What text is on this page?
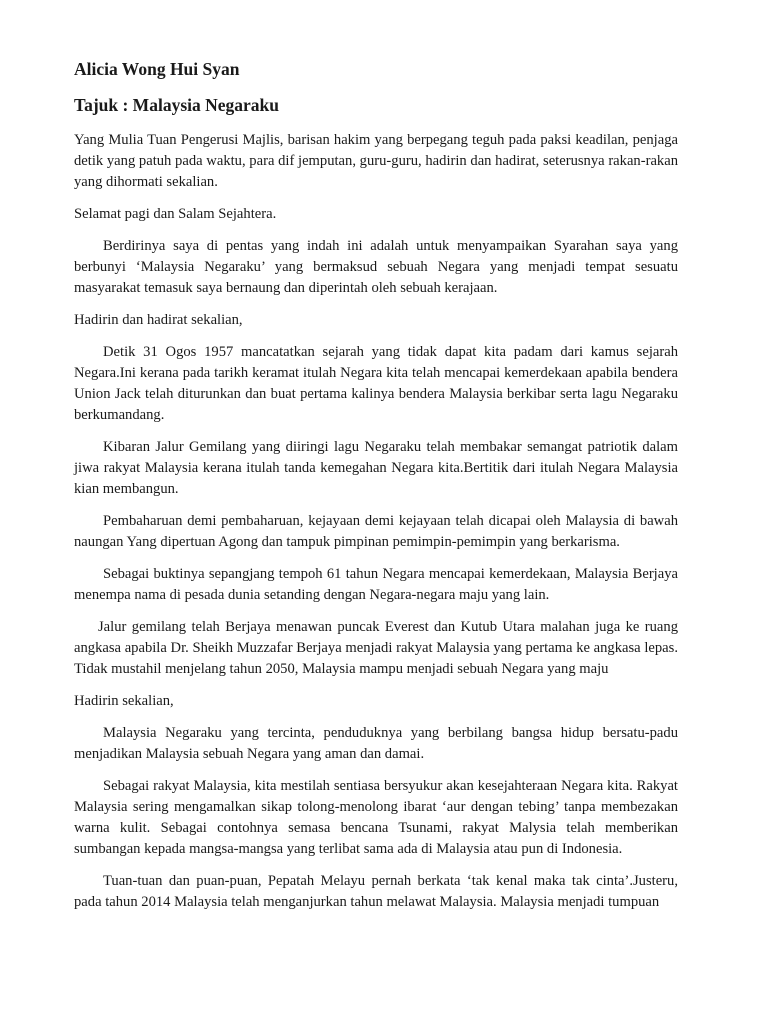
Alicia Wong Hui Syan
Tajuk : Malaysia Negaraku

Yang Mulia Tuan Pengerusi Majlis, barisan hakim yang berpegang teguh pada paksi keadilan, penjaga detik yang patuh pada waktu, para dif jemputan, guru-guru, hadirin dan hadirat, seterusnya rakan-rakan yang dihormati sekalian.

Selamat pagi dan Salam Sejahtera.

Berdirinya saya di pentas yang indah ini adalah untuk menyampaikan Syarahan saya yang berbunyi ‘Malaysia Negaraku’ yang bermaksud sebuah Negara yang menjadi tempat sesuatu masyarakat temasuk saya bernaung dan diperintah oleh sebuah kerajaan.

Hadirin dan hadirat sekalian,

Detik 31 Ogos 1957 mancatatkan sejarah yang tidak dapat kita padam dari kamus sejarah Negara.Ini kerana pada tarikh keramat itulah Negara kita telah mencapai kemerdekaan apabila bendera Union Jack telah diturunkan dan buat pertama kalinya bendera Malaysia berkibar serta lagu Negaraku berkumandang.

Kibaran Jalur Gemilang yang diiringi lagu Negaraku telah membakar semangat patriotik dalam jiwa rakyat Malaysia kerana itulah tanda kemegahan Negara kita.Bertitik dari itulah Negara Malaysia kian membangun.

Pembaharuan demi pembaharuan, kejayaan demi kejayaan telah dicapai oleh Malaysia di bawah naungan Yang dipertuan Agong dan tampuk pimpinan pemimpin-pemimpin yang berkarisma.

Sebagai buktinya sepangjang tempoh 61 tahun Negara mencapai kemerdekaan, Malaysia Berjaya menempa nama di pesada dunia setanding dengan Negara-negara maju yang lain.

Jalur gemilang telah Berjaya menawan puncak Everest dan Kutub Utara malahan juga ke ruang angkasa apabila Dr. Sheikh Muzzafar Berjaya menjadi rakyat Malaysia yang pertama ke angkasa lepas. Tidak mustahil menjelang tahun 2050, Malaysia mampu menjadi sebuah Negara yang maju

Hadirin sekalian,

Malaysia Negaraku yang tercinta, penduduknya yang berbilang bangsa hidup bersatu-padu menjadikan Malaysia sebuah Negara yang aman dan damai.

Sebagai rakyat Malaysia, kita mestilah sentiasa bersyukur akan kesejahteraan Negara kita. Rakyat Malaysia sering mengamalkan sikap tolong-menolong ibarat ‘aur dengan tebing’ tanpa membezakan warna kulit. Sebagai contohnya semasa bencana Tsunami, rakyat Malysia telah memberikan sumbangan kepada mangsa-mangsa yang terlibat sama ada di Malaysia atau pun di Indonesia.

Tuan-tuan dan puan-puan, Pepatah Melayu pernah berkata ‘tak kenal maka tak cinta’.Justeru, pada tahun 2014 Malaysia telah menganjurkan tahun melawat Malaysia. Malaysia menjadi tumpuan
